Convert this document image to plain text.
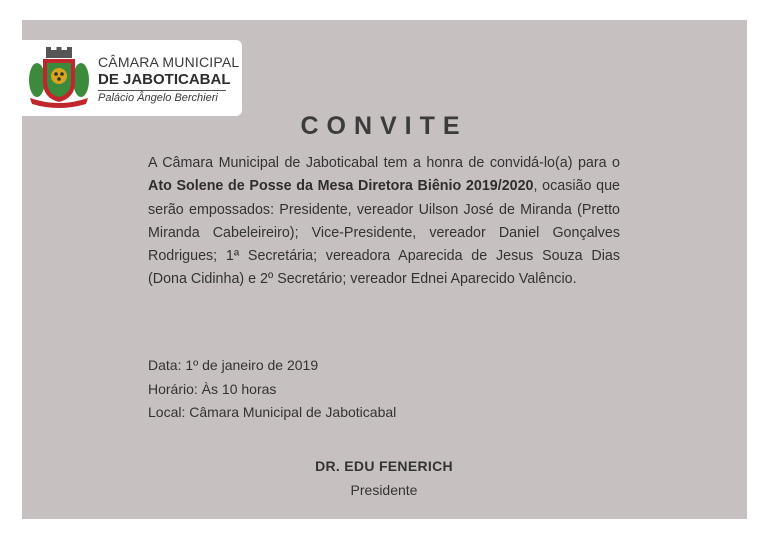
CÂMARA MUNICIPAL
DE JABOTICABAL
Palácio Ângelo Berchieri
CONVITE
A Câmara Municipal de Jaboticabal tem a honra de convidá-lo(a) para o Ato Solene de Posse da Mesa Diretora Biênio 2019/2020, ocasião que serão empossados: Presidente, vereador Uilson José de Miranda (Pretto Miranda Cabeleireiro); Vice-Presidente, vereador Daniel Gonçalves Rodrigues; 1ª Secretária; vereadora Aparecida de Jesus Souza Dias (Dona Cidinha) e 2º Secretário; vereador Ednei Aparecido Valêncio.
Data: 1º de janeiro de 2019
Horário: Às 10 horas
Local: Câmara Municipal de Jaboticabal
DR. EDU FENERICH
Presidente
